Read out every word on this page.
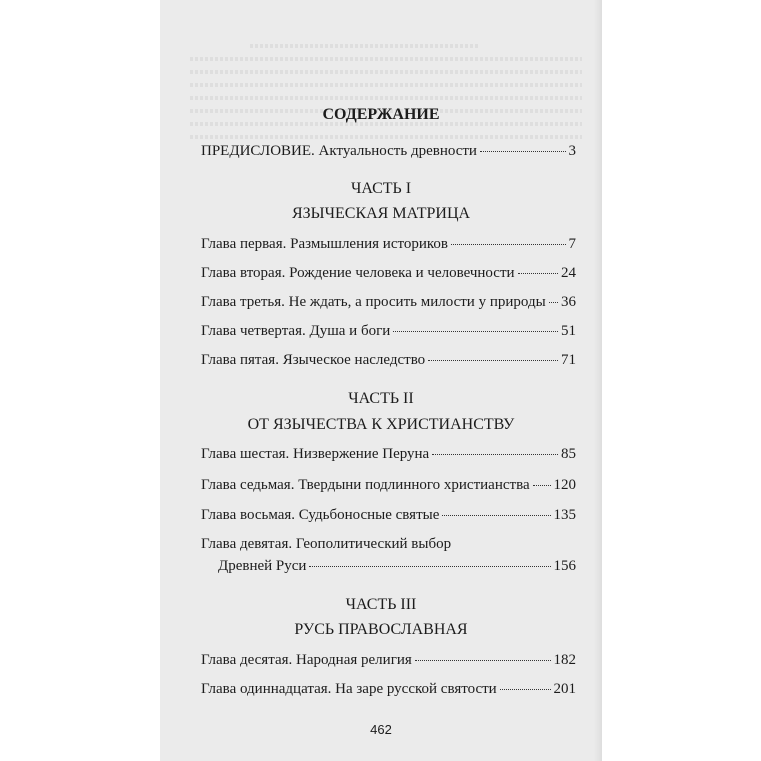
СОДЕРЖАНИЕ
ПРЕДИСЛОВИЕ. Актуальность древности	3
ЧАСТЬ I
ЯЗЫЧЕСКАЯ МАТРИЦА
Глава первая. Размышления историков	7
Глава вторая. Рождение человека и человечности	24
Глава третья. Не ждать, а просить милости у природы 36
Глава четвертая. Душа и боги	51
Глава пятая. Языческое наследство	71
ЧАСТЬ II
ОТ ЯЗЫЧЕСТВА К ХРИСТИАНСТВУ
Глава шестая. Низвержение Перуна	85
Глава седьмая. Твердыни подлинного христианства 120
Глава восьмая. Судьбоносные святые	135
Глава девятая. Геополитический выбор
Древней Руси	156
ЧАСТЬ III
РУСЬ ПРАВОСЛАВНАЯ
Глава десятая. Народная религия	182
Глава одиннадцатая. На заре русской святости	201
462
